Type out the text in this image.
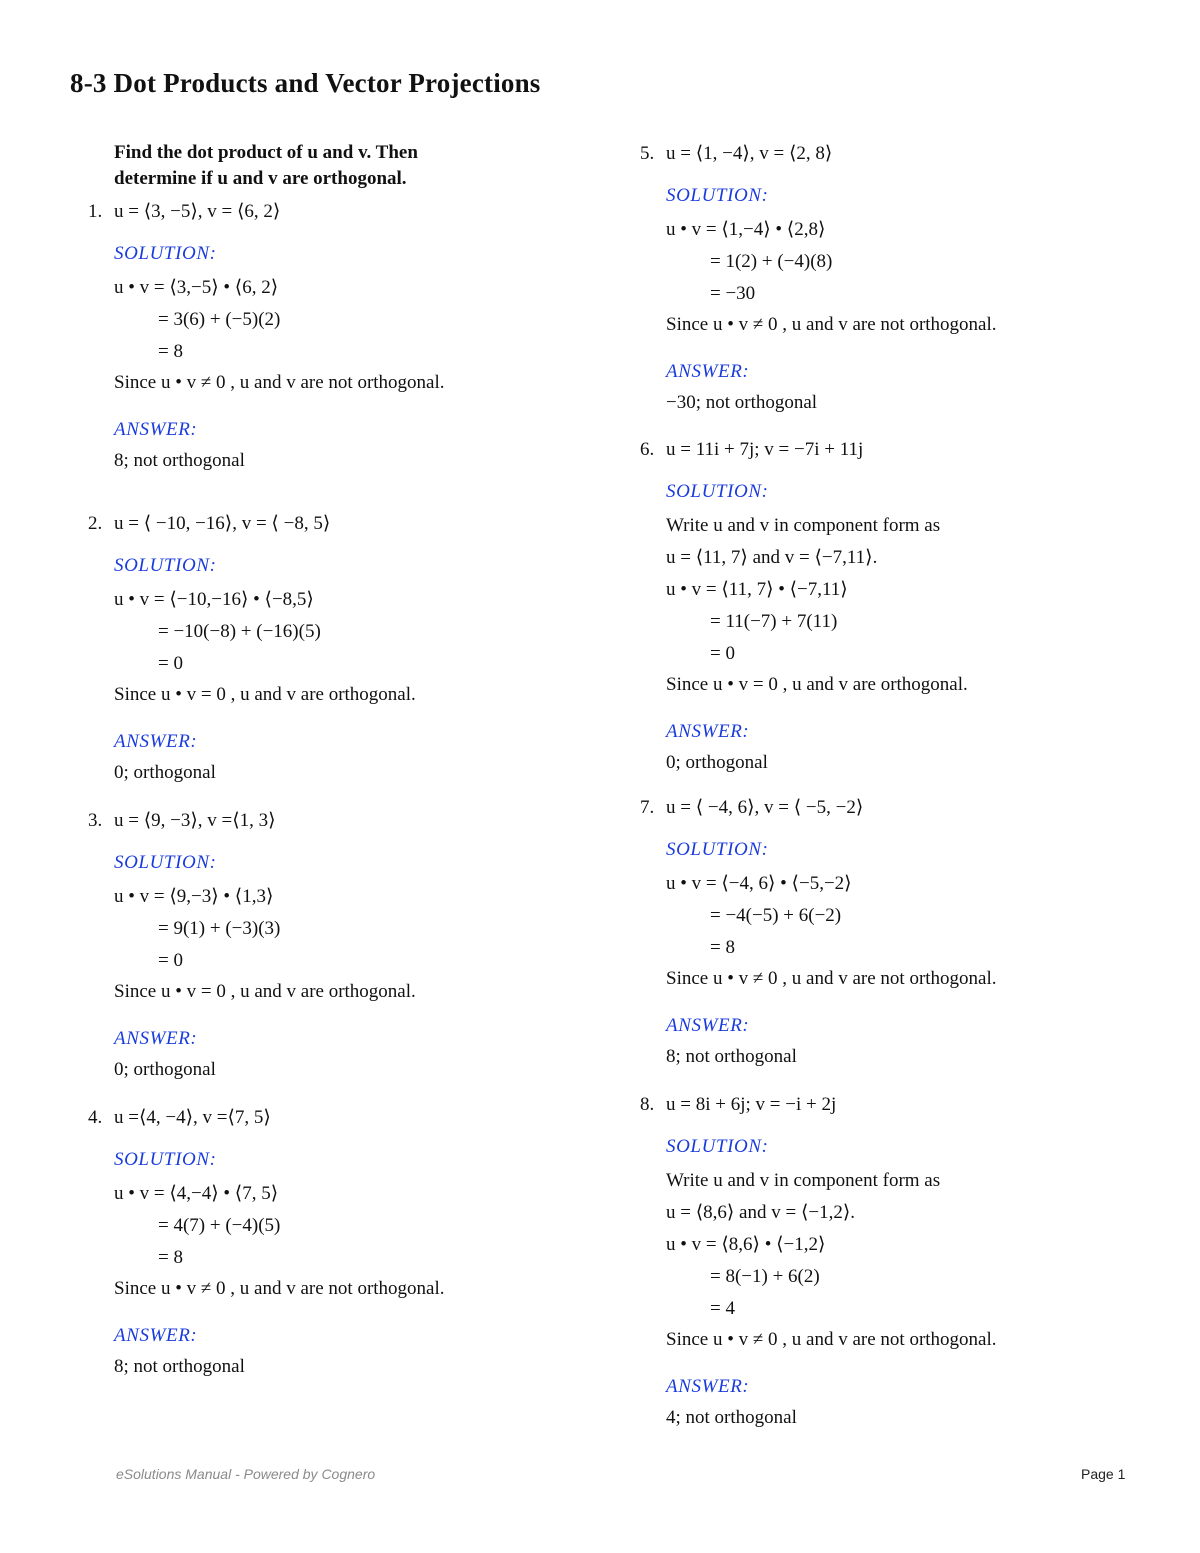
8-3 Dot Products and Vector Projections
Find the dot product of u and v. Then determine if u and v are orthogonal.
1. u = ⟨3, −5⟩, v = ⟨6, 2⟩
SOLUTION:
u • v = ⟨3,−5⟩ • ⟨6, 2⟩
= 3(6) + (−5)(2)
= 8
Since u • v ≠ 0 , u and v are not orthogonal.
ANSWER:
8; not orthogonal
2. u = ⟨ −10, −16⟩, v = ⟨ −8, 5⟩
SOLUTION:
u • v = ⟨−10,−16⟩ • ⟨−8,5⟩
= −10(−8) + (−16)(5)
= 0
Since u • v = 0 , u and v are orthogonal.
ANSWER:
0; orthogonal
3. u = ⟨9, −3⟩, v =⟨1, 3⟩
SOLUTION:
u • v = ⟨9,−3⟩ • ⟨1,3⟩
= 9(1) + (−3)(3)
= 0
Since u • v = 0 , u and v are orthogonal.
ANSWER:
0; orthogonal
4. u =⟨4, −4⟩, v =⟨7, 5⟩
SOLUTION:
u • v = ⟨4,−4⟩ • ⟨7, 5⟩
= 4(7) + (−4)(5)
= 8
Since u • v ≠ 0 , u and v are not orthogonal.
ANSWER:
8; not orthogonal
5. u = ⟨1, −4⟩, v = ⟨2, 8⟩
SOLUTION:
u • v = ⟨1,−4⟩ • ⟨2,8⟩
= 1(2) + (−4)(8)
= −30
Since u • v ≠ 0 , u and v are not orthogonal.
ANSWER:
−30; not orthogonal
6. u = 11i + 7j; v = −7i + 11j
SOLUTION:
Write u and v in component form as
u = ⟨11, 7⟩ and v = ⟨−7,11⟩.
u • v = ⟨11, 7⟩ • ⟨−7,11⟩
= 11(−7) + 7(11)
= 0
Since u • v = 0 , u and v are orthogonal.
ANSWER:
0; orthogonal
7. u = ⟨ −4, 6⟩, v = ⟨ −5, −2⟩
SOLUTION:
u • v = ⟨−4, 6⟩ • ⟨−5,−2⟩
= −4(−5) + 6(−2)
= 8
Since u • v ≠ 0 , u and v are not orthogonal.
ANSWER:
8; not orthogonal
8. u = 8i + 6j; v = −i + 2j
SOLUTION:
Write u and v in component form as
u = ⟨8,6⟩ and v = ⟨−1,2⟩.
u • v = ⟨8,6⟩ • ⟨−1,2⟩
= 8(−1) + 6(2)
= 4
Since u • v ≠ 0 , u and v are not orthogonal.
ANSWER:
4; not orthogonal
eSolutions Manual - Powered by Cognero	Page 1
